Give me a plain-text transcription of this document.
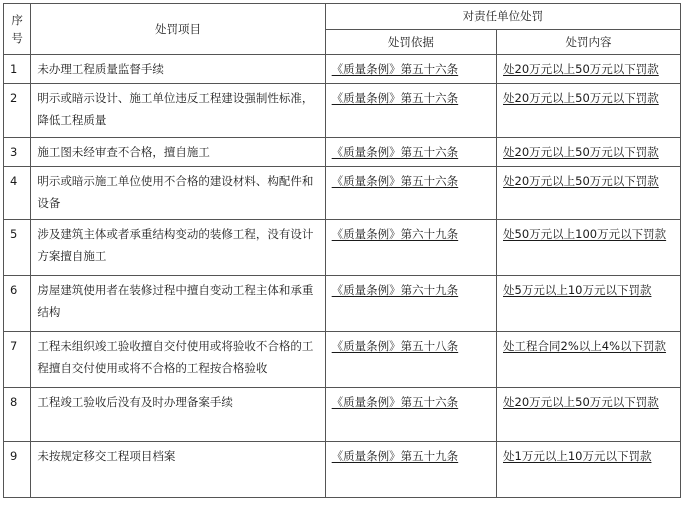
序号	处罚项目	对责任单位处罚	
		处罚依据	处罚内容
1	未办理工程质量监督手续	《质量条例》第五十六条	处20万元以上50万元以下罚款
2	明示或暗示设计、施工单位违反工程建设强制性标准，降低工程质量	《质量条例》第五十六条	处20万元以上50万元以下罚款
3	施工图未经审查不合格，擅自施工	《质量条例》第五十六条	处20万元以上50万元以下罚款
4	明示或暗示施工单位使用不合格的建设材料、构配件和设备	《质量条例》第五十六条	处20万元以上50万元以下罚款
5	涉及建筑主体或者承重结构变动的装修工程，没有设计方案擅自施工	《质量条例》第六十九条	处50万元以上100万元以下罚款
6	房屋建筑使用者在装修过程中擅自变动工程主体和承重结构	《质量条例》第六十九条	处5万元以上10万元以下罚款
7	工程未组织竣工验收擅自交付使用或将验收不合格的工程擅自交付使用或将不合格的工程按合格验收	《质量条例》第五十八条	处工程合同2%以上4%以下罚款
8	工程竣工验收后没有及时办理备案手续	《质量条例》第五十六条	处20万元以上50万元以下罚款
9	未按规定移交工程项目档案	《质量条例》第五十九条	处1万元以上10万元以下罚款
